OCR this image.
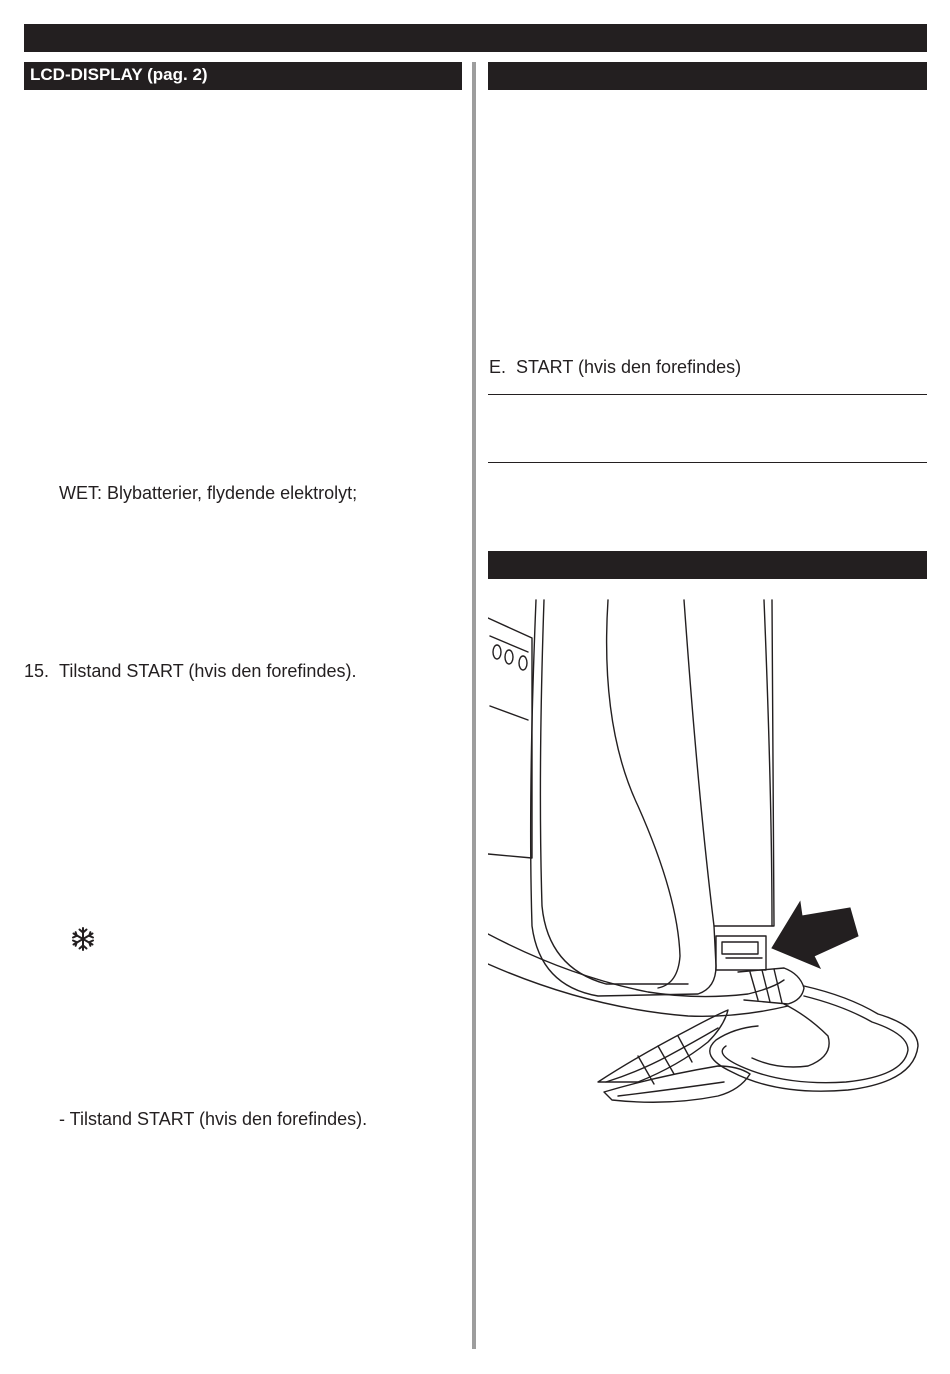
LCD-DISPLAY (pag. 2)
WET: Blybatterier, flydende elektrolyt;
15. Tilstand START (hvis den forefindes).
- Tilstand START (hvis den forefindes).
E. START (hvis den forefindes)
